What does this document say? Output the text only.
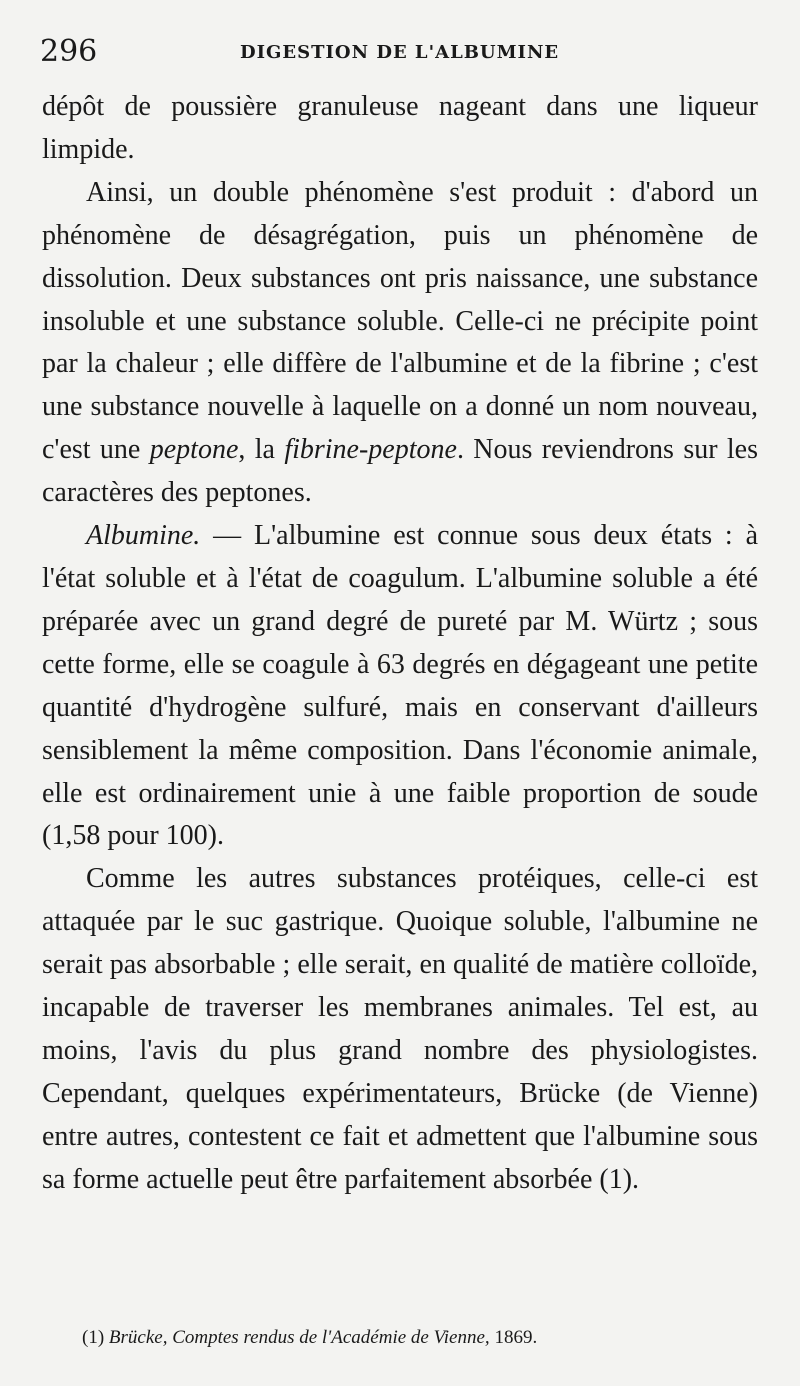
296	DIGESTION DE L'ALBUMINE

dépôt de poussière granuleuse nageant dans une liqueur limpide.

Ainsi, un double phénomène s'est produit : d'abord un phénomène de désagrégation, puis un phénomène de dissolution. Deux substances ont pris naissance, une substance insoluble et une substance soluble. Celle-ci ne précipite point par la chaleur ; elle diffère de l'albumine et de la fibrine ; c'est une substance nouvelle à laquelle on a donné un nom nouveau, c'est une peptone, la fibrine-peptone. Nous reviendrons sur les caractères des peptones.

Albumine. — L'albumine est connue sous deux états : à l'état soluble et à l'état de coagulum. L'albumine soluble a été préparée avec un grand degré de pureté par M. Würtz ; sous cette forme, elle se coagule à 63 degrés en dégageant une petite quantité d'hydrogène sulfuré, mais en conservant d'ailleurs sensiblement la même composition. Dans l'économie animale, elle est ordinairement unie à une faible proportion de soude (1,58 pour 100).

Comme les autres substances protéiques, celle-ci est attaquée par le suc gastrique. Quoique soluble, l'albumine ne serait pas absorbable ; elle serait, en qualité de matière colloïde, incapable de traverser les membranes animales. Tel est, au moins, l'avis du plus grand nombre des physiologistes. Cependant, quelques expérimentateurs, Brücke (de Vienne) entre autres, contestent ce fait et admettent que l'albumine sous sa forme actuelle peut être parfaitement absorbée (1).

(1) Brücke, Comptes rendus de l'Académie de Vienne, 1869.
